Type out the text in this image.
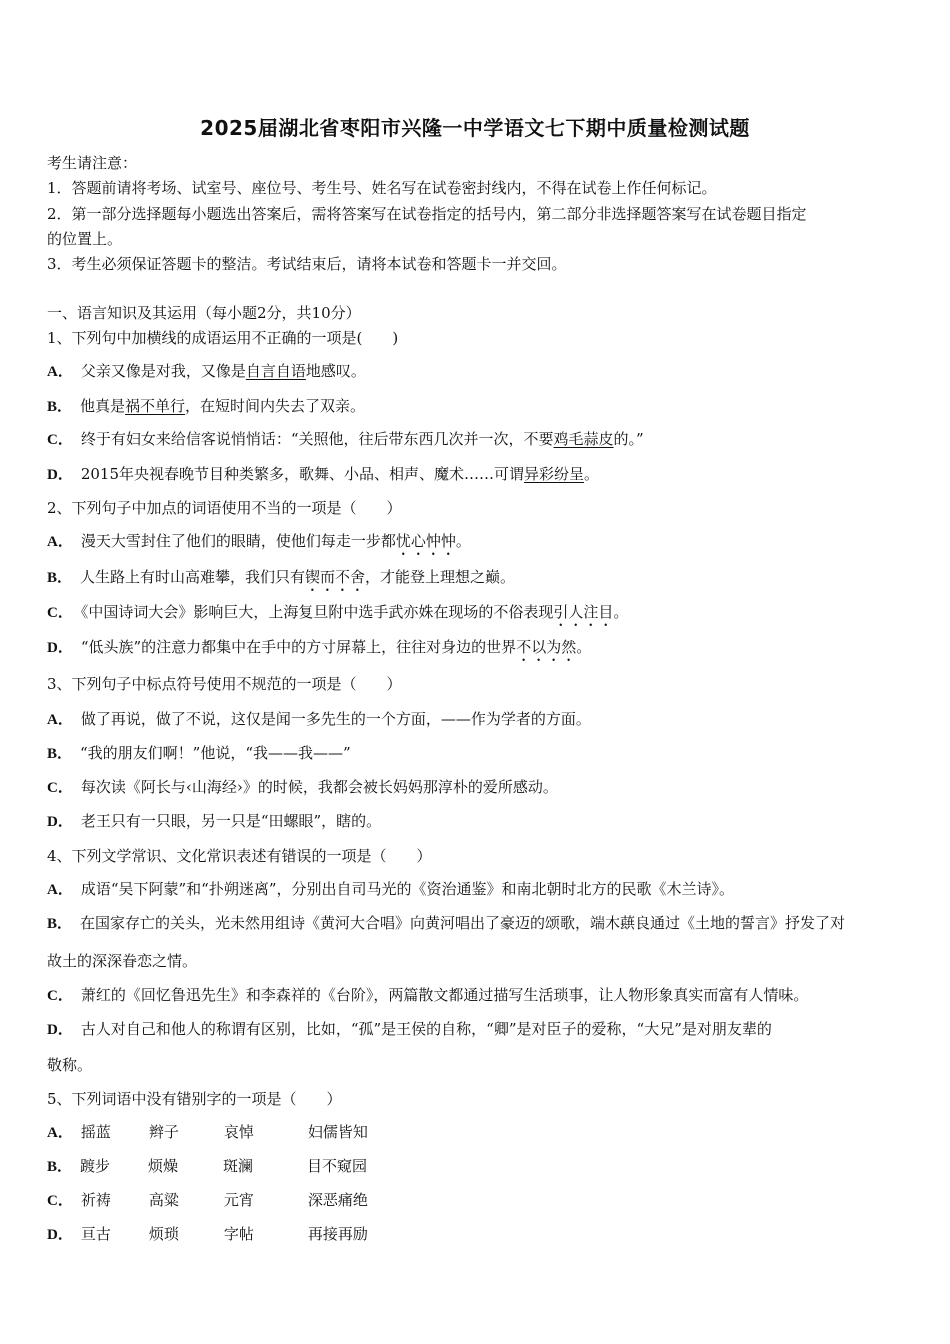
2025届湖北省枣阳市兴隆一中学语文七下期中质量检测试题
考生请注意：
1．答题前请将考场、试室号、座位号、考生号、姓名写在试卷密封线内，不得在试卷上作任何标记。
2．第一部分选择题每小题选出答案后，需将答案写在试卷指定的括号内，第二部分非选择题答案写在试卷题目指定
的位置上。
3．考生必须保证答题卡的整洁。考试结束后，请将本试卷和答题卡一并交回。
一、语言知识及其运用（每小题2分，共10分）
1、下列句中加横线的成语运用不正确的一项是(　　)
A． 父亲又像是对我，又像是自言自语地感叹。
B． 他真是祸不单行，在短时间内失去了双亲。
C． 终于有妇女来给信客说悄悄话：“关照他，往后带东西几次并一次，不要鸡毛蒜皮的。”
D． 2015年央视春晚节目种类繁多，歌舞、小品、相声、魔术……可谓异彩纷呈。
2、下列句子中加点的词语使用不当的一项是（　　）
A． 漫天大雪封住了他们的眼睛，使他们每走一步都忧心忡忡。
B． 人生路上有时山高难攀，我们只有锲而不舍，才能登上理想之巅。
C． 《中国诗词大会》影响巨大，上海复旦附中选手武亦姝在现场的不俗表现引人注目。
D． “低头族”的注意力都集中在手中的方寸屏幕上，往往对身边的世界不以为然。
3、下列句子中标点符号使用不规范的一项是（　　）
A． 做了再说，做了不说，这仅是闻一多先生的一个方面，——作为学者的方面。
B． “我的朋友们啊！”他说，“我——我——”
C． 每次读《阿长与‹山海经›》的时候，我都会被长妈妈那淳朴的爱所感动。
D． 老王只有一只眼，另一只是“田螺眼”，瞎的。
4、下列文学常识、文化常识表述有错误的一项是（　　）
A． 成语“吴下阿蒙”和“扑朔迷离”，分别出自司马光的《资治通鉴》和南北朝时北方的民歌《木兰诗》。
B． 在国家存亡的关头，光未然用组诗《黄河大合唱》向黄河唱出了豪迈的颂歌，端木蕻良通过《土地的誓言》抒发了对
故土的深深眷恋之情。
C． 萧红的《回忆鲁迅先生》和李森祥的《台阶》，两篇散文都通过描写生活琐事，让人物形象真实而富有人情味。
D． 古人对自己和他人的称谓有区别，比如，“孤”是王侯的自称，“卿”是对臣子的爱称，“大兄”是对朋友辈的
敬称。
5、下列词语中没有错别字的一项是（　　）
A． 摇蓝	辫子	哀悼	妇儒皆知
B． 踱步	烦燥	斑澜	目不窥园
C． 祈祷	高粱	元宵	深恶痛绝
D． 亘古	烦琐	字帖	再接再励
